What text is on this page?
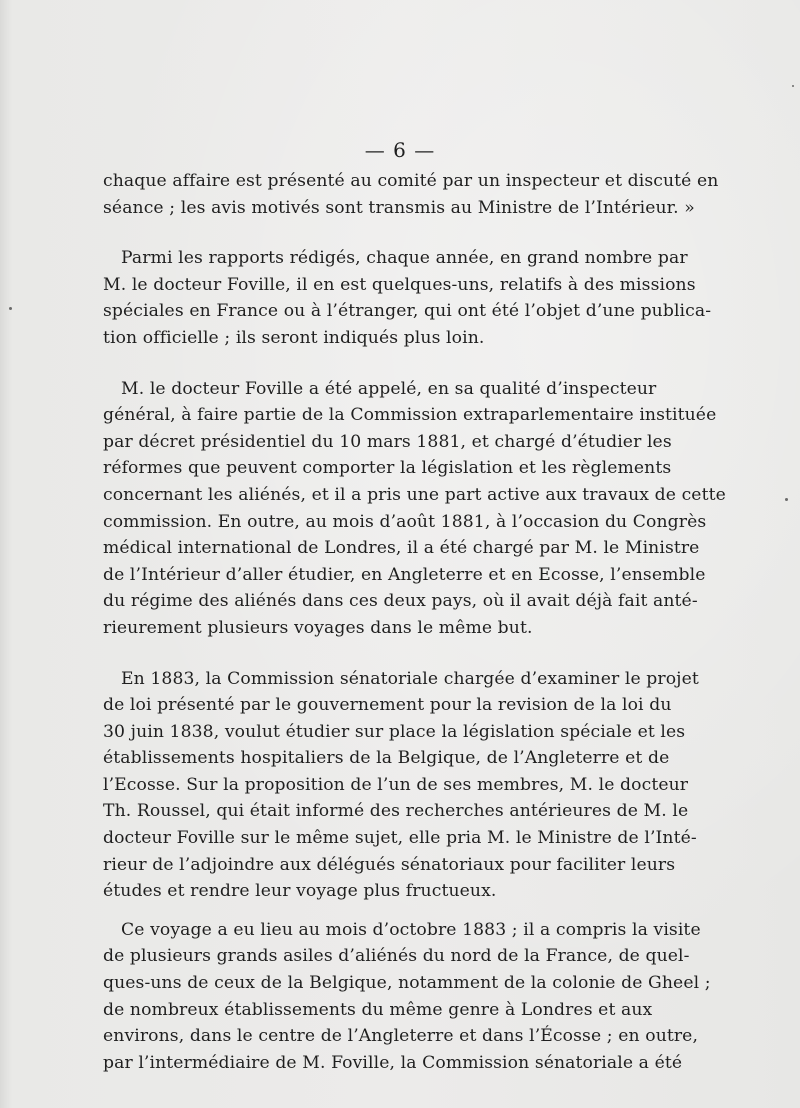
— 6 —

chaque affaire est présenté au comité par un inspecteur et discuté en
séance ; les avis motivés sont transmis au Ministre de l’Intérieur. »
Parmi les rapports rédigés, chaque année, en grand nombre par
M. le docteur Foville, il en est quelques-uns, relatifs à des missions
spéciales en France ou à l’étranger, qui ont été l’objet d’une publica-
tion officielle ; ils seront indiqués plus loin.
M. le docteur Foville a été appelé, en sa qualité d’inspecteur
général, à faire partie de la Commission extraparlementaire instituée
par décret présidentiel du 10 mars 1881, et chargé d’étudier les
réformes que peuvent comporter la législation et les règlements
concernant les aliénés, et il a pris une part active aux travaux de cette
commission. En outre, au mois d’août 1881, à l’occasion du Congrès
médical international de Londres, il a été chargé par M. le Ministre
de l’Intérieur d’aller étudier, en Angleterre et en Ecosse, l’ensemble
du régime des aliénés dans ces deux pays, où il avait déjà fait anté-
rieurement plusieurs voyages dans le même but.
En 1883, la Commission sénatoriale chargée d’examiner le projet
de loi présenté par le gouvernement pour la revision de la loi du
30 juin 1838, voulut étudier sur place la législation spéciale et les
établissements hospitaliers de la Belgique, de l’Angleterre et de
l’Ecosse. Sur la proposition de l’un de ses membres, M. le docteur
Th. Roussel, qui était informé des recherches antérieures de M. le
docteur Foville sur le même sujet, elle pria M. le Ministre de l’Inté-
rieur de l’adjoindre aux délégués sénatoriaux pour faciliter leurs
études et rendre leur voyage plus fructueux.
Ce voyage a eu lieu au mois d’octobre 1883 ; il a compris la visite
de plusieurs grands asiles d’aliénés du nord de la France, de quel-
ques-uns de ceux de la Belgique, notamment de la colonie de Gheel ;
de nombreux établissements du même genre à Londres et aux
environs, dans le centre de l’Angleterre et dans l’Écosse ; en outre,
par l’intermédiaire de M. Foville, la Commission sénatoriale a été
